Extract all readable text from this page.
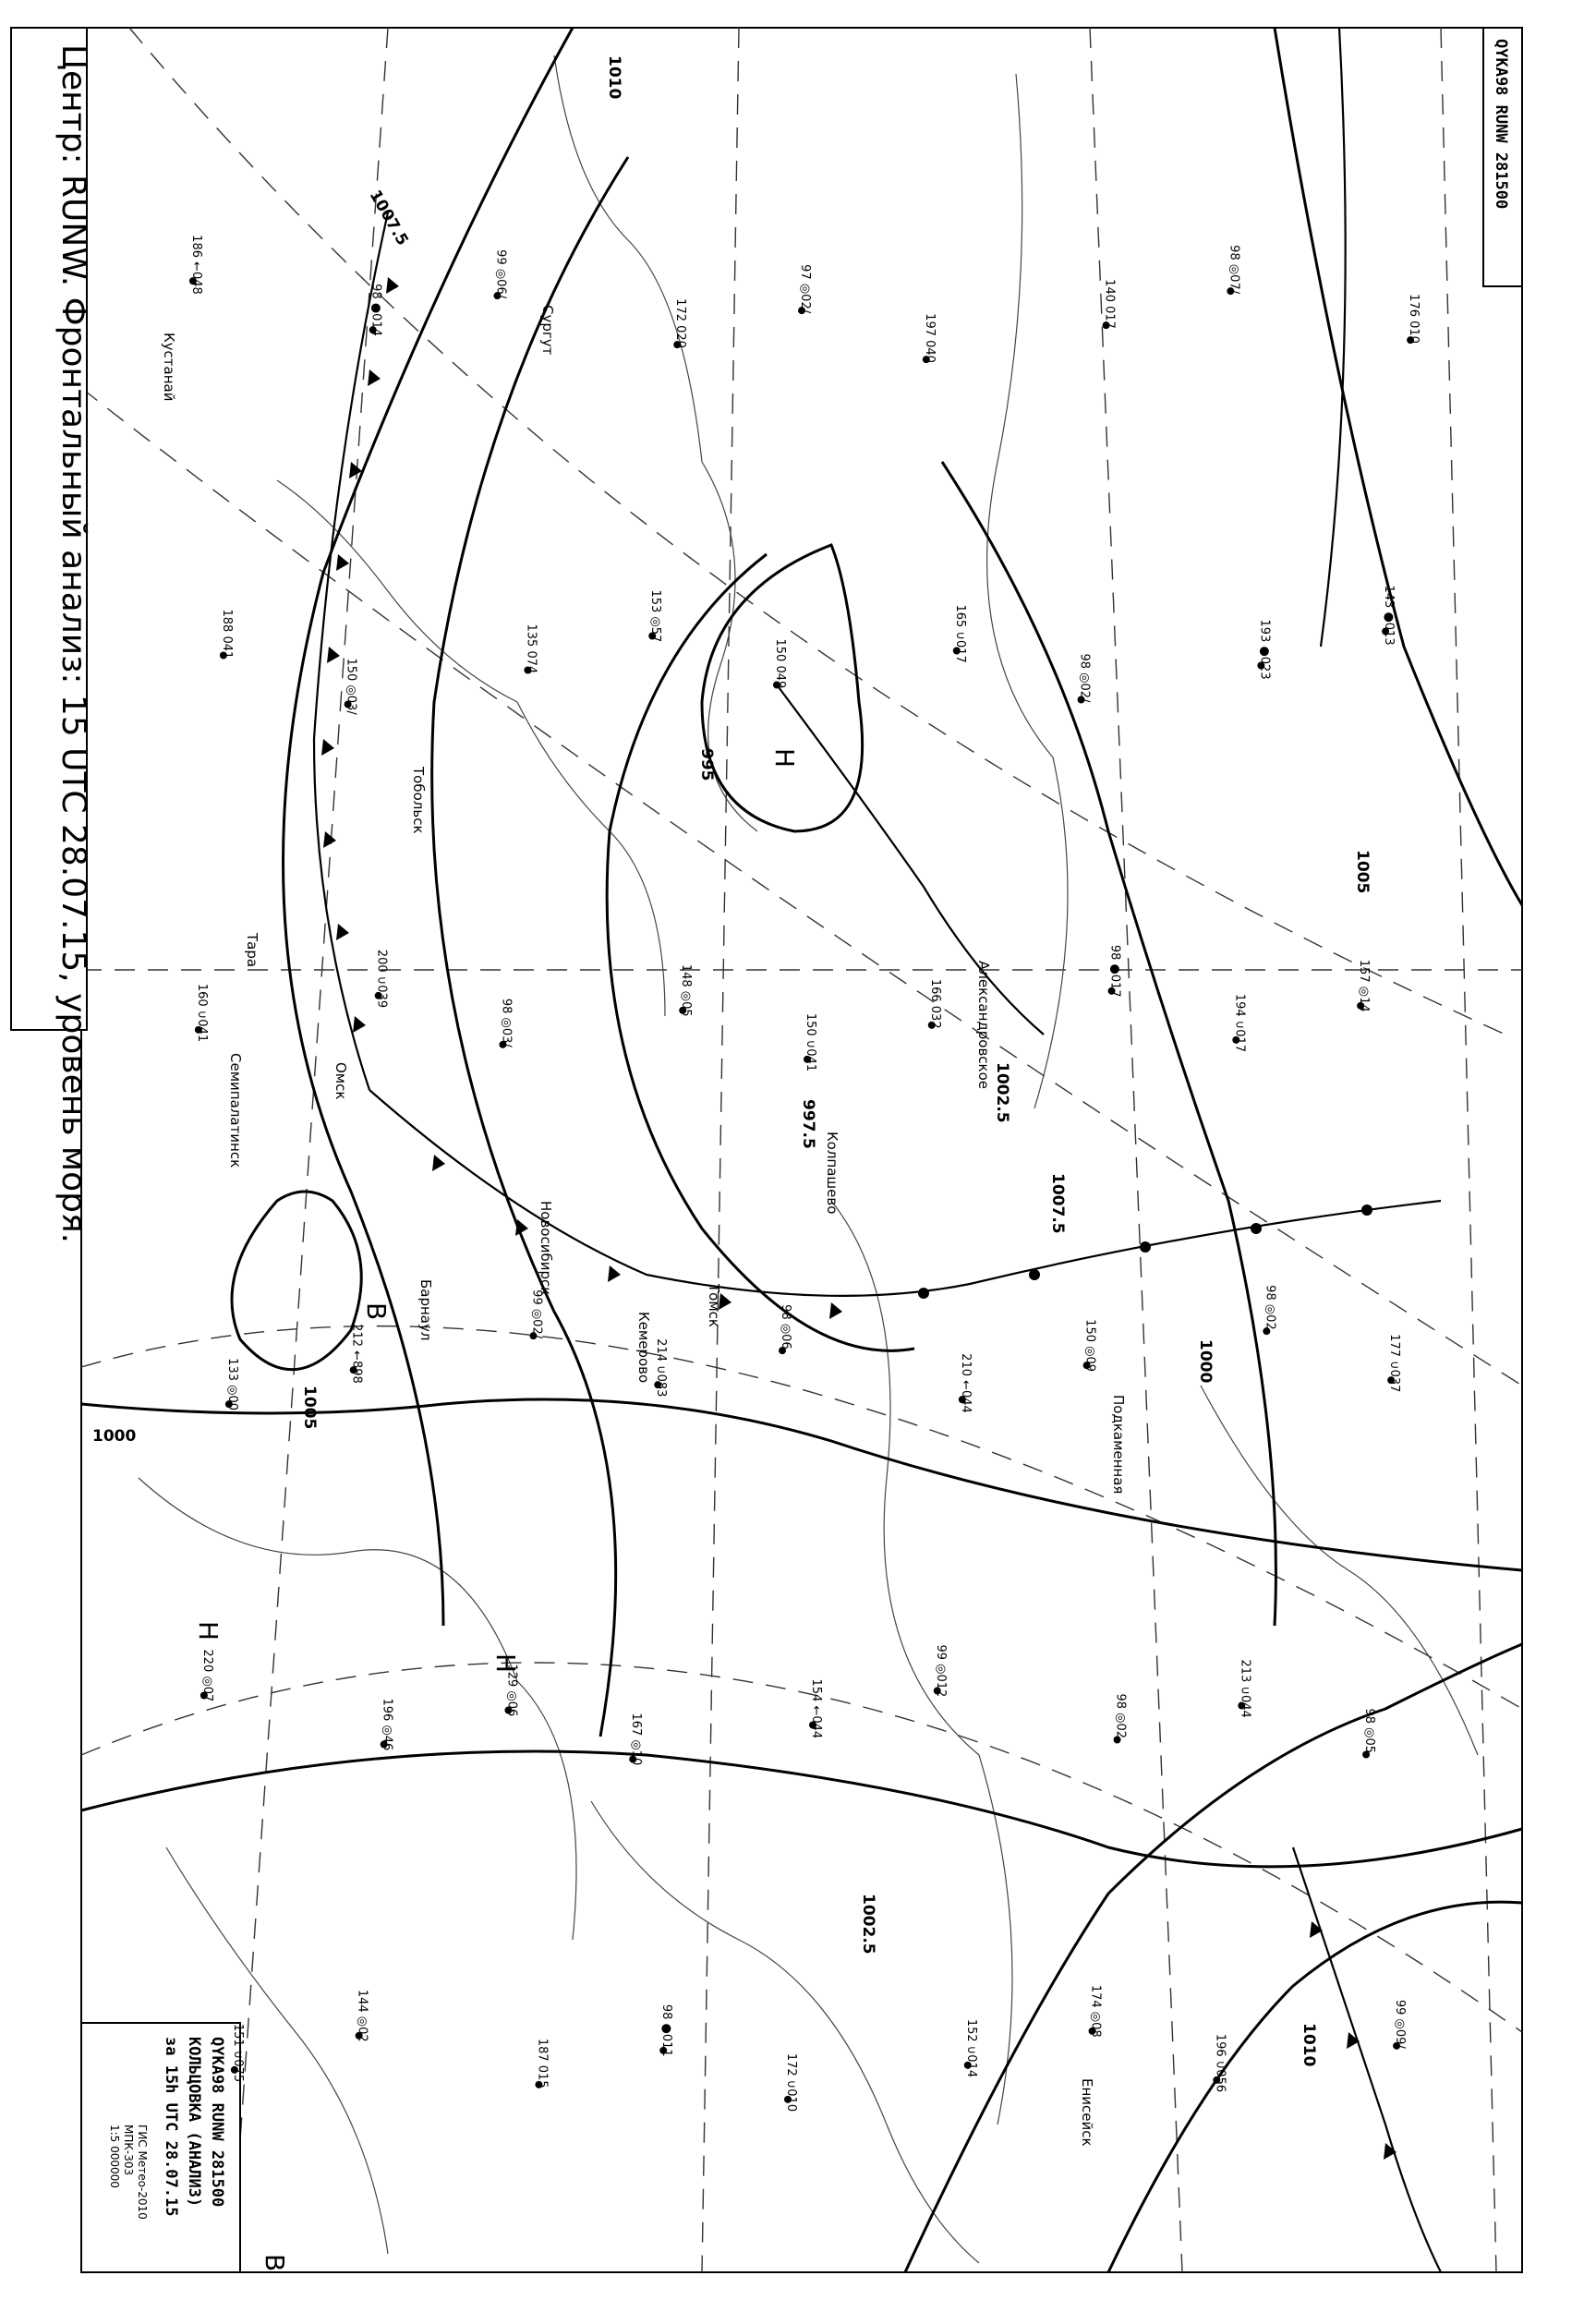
Центр: RUNW. Фронтальный анализ: 15 UTC 28.07.15, уровень моря.	QYKA98 RUNW 281500
QYKA98 RUNW 281500
КОЛЬЦОВКА (АНАЛИЗ)
за 15h UTC 28.07.15
ГИС Метео-2010
МПК-303
1:5 000000
1010
1007.5
1005
1002.5
1000
997.5
995
1010
1007.5
1005
1002.5
1000
Н
В
Н
В
Н
Новосибирск
Томск
Колпашево
Александровское
Подкаменная
Енисейск
Кемерово
Барнаул
Омск
Тара
Кустанай
Семипалатинск
Тобольск
Сургут
186 ←048
98 ●014
99 ◎06/
172 020
97 ◎02/
197 040
140 017
98 ◎07/
176 010
188 041
150 ◎03/
135 074
153 ◎57
150 049
165 ∪017
98 ◎02/	193 ●023
143 ●013
160 ∪041
200 ∪039
98 ◎03/
148 ◎05
150 ∪041
166 032
98 ●017
194 ∪017
157 ◎14
133 ◎00
212 ←898
99 ◎02/
214 ∪083
98 ◎06
210 ←044
150 ◎09
98 ◎02
177 ∪037
220 ◎07
196 ◎46
129 ◎06
167 ◎10
154 ←044
99 ◎012
98 ◎02	213 ∪044
98 ◎05
151 ∪075
144 ◎02
187 015
98 ●011
172 ∪010
152 ∪014
174 ◎08
196 ∪056
99 ◎09/
